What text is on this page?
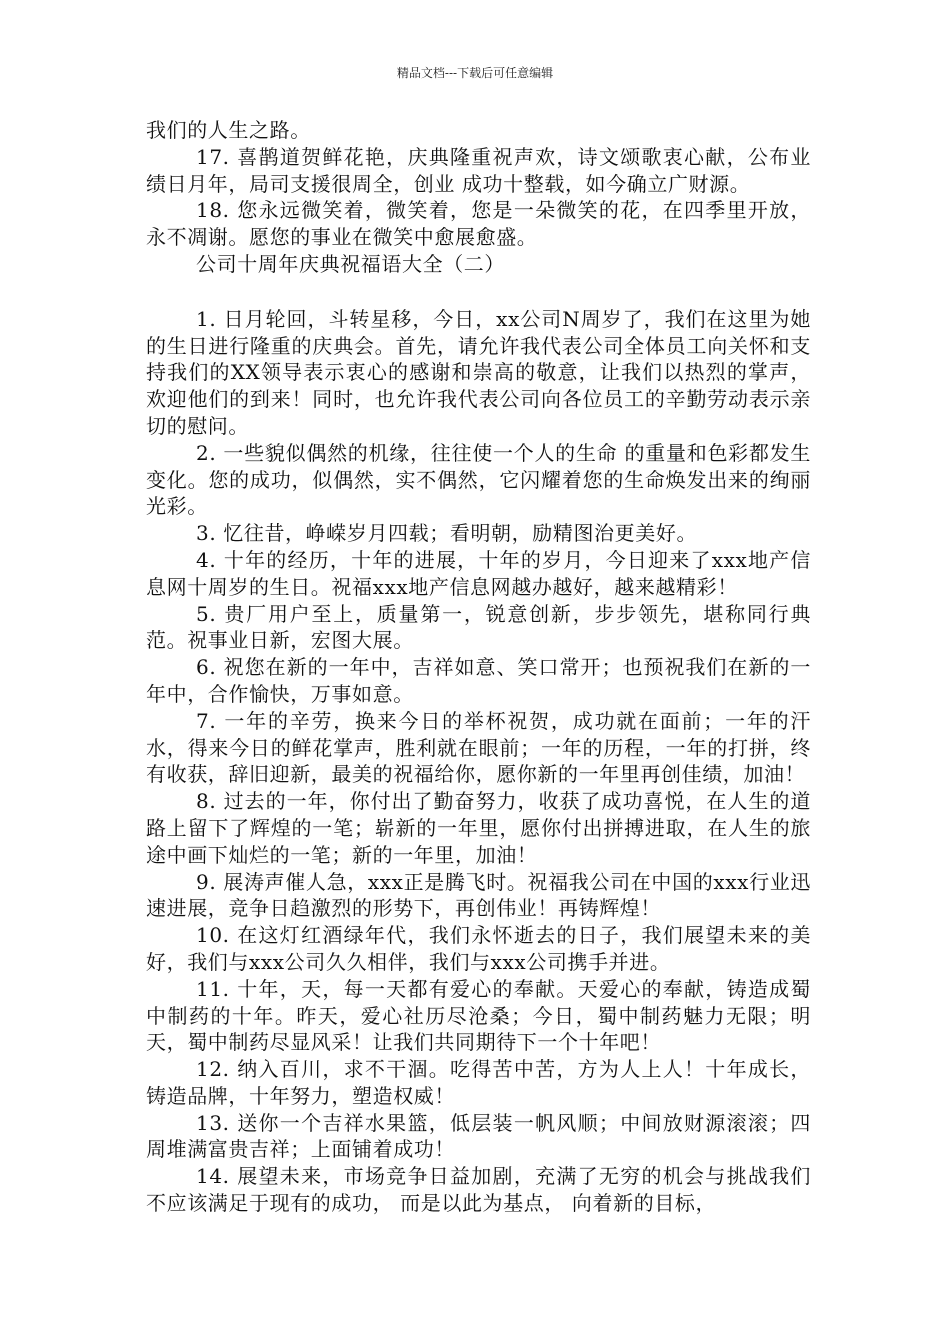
精品文档---下载后可任意编辑

我们的人生之路。

17. 喜鹊道贺鲜花艳，庆典隆重祝声欢，诗文颂歌衷心献，公布业绩日月年，局司支援很周全，创业 成功十整载，如今确立广财源。

18. 您永远微笑着，微笑着，您是一朵微笑的花，在四季里开放，永不凋谢。愿您的事业在微笑中愈展愈盛。

公司十周年庆典祝福语大全（二）

1. 日月轮回，斗转星移，今日，xx公司N周岁了，我们在这里为她的生日进行隆重的庆典会。首先，请允许我代表公司全体员工向关怀和支持我们的XX领导表示衷心的感谢和崇高的敬意，让我们以热烈的掌声，欢迎他们的到来！同时，也允许我代表公司向各位员工的辛勤劳动表示亲切的慰问。

2. 一些貌似偶然的机缘，往往使一个人的生命 的重量和色彩都发生变化。您的成功，似偶然，实不偶然，它闪耀着您的生命焕发出来的绚丽光彩。

3. 忆往昔，峥嵘岁月四载；看明朝，励精图治更美好。

4. 十年的经历，十年的进展，十年的岁月，今日迎来了xxx地产信息网十周岁的生日。祝福xxx地产信息网越办越好，越来越精彩！

5. 贵厂用户至上，质量第一，锐意创新，步步领先，堪称同行典范。祝事业日新，宏图大展。

6. 祝您在新的一年中，吉祥如意、笑口常开；也预祝我们在新的一年中，合作愉快，万事如意。

7. 一年的辛劳，换来今日的举杯祝贺，成功就在面前；一年的汗水，得来今日的鲜花掌声，胜利就在眼前；一年的历程，一年的打拼，终有收获，辞旧迎新，最美的祝福给你，愿你新的一年里再创佳绩，加油！

8. 过去的一年，你付出了勤奋努力，收获了成功喜悦，在人生的道路上留下了辉煌的一笔；崭新的一年里，愿你付出拼搏进取，在人生的旅途中画下灿烂的一笔；新的一年里，加油！

9. 展涛声催人急，xxx正是腾飞时。祝福我公司在中国的xxx行业迅速进展，竞争日趋激烈的形势下，再创伟业！再铸辉煌！

10. 在这灯红酒绿年代，我们永怀逝去的日子，我们展望未来的美好，我们与xxx公司久久相伴，我们与xxx公司携手并进。

11. 十年，天，每一天都有爱心的奉献。天爱心的奉献，铸造成蜀中制药的十年。昨天，爱心社历尽沧桑；今日，蜀中制药魅力无限；明天，蜀中制药尽显风采！让我们共同期待下一个十年吧！

12. 纳入百川，求不干涸。吃得苦中苦，方为人上人！十年成长，铸造品牌，十年努力，塑造权威！

13. 送你一个吉祥水果篮，低层装一帆风顺；中间放财源滚滚；四周堆满富贵吉祥；上面铺着成功！

14. 展望未来，市场竞争日益加剧，充满了无穷的机会与挑战我们不应该满足于现有的成功， 而是以此为基点， 向着新的目标，
